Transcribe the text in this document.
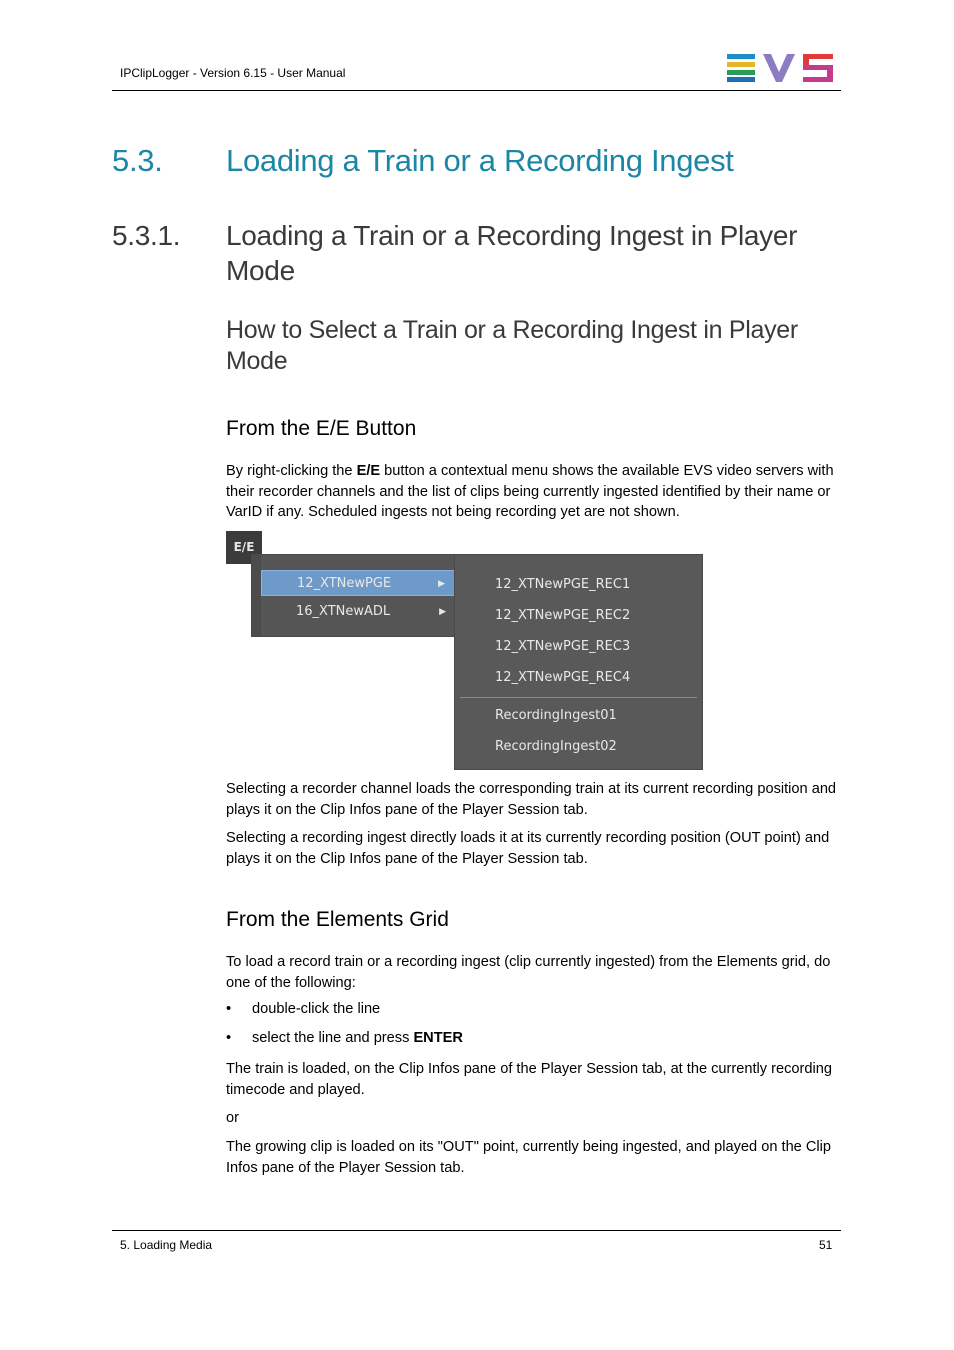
IPClipLogger - Version 6.15 - User Manual
5.3. Loading a Train or a Recording Ingest
5.3.1. Loading a Train or a Recording Ingest in Player Mode
How to Select a Train or a Recording Ingest in Player Mode
From the E/E Button

By right-clicking the E/E button a contextual menu shows the available EVS video servers with their recorder channels and the list of clips being currently ingested identified by their name or VarID if any. Scheduled ingests not being recording yet are not shown.

E/E
12_XTNewPGE	▶
16_XTNewADL	▶
12_XTNewPGE_REC1
12_XTNewPGE_REC2
12_XTNewPGE_REC3
12_XTNewPGE_REC4
RecordingIngest01
RecordingIngest02

Selecting a recorder channel loads the corresponding train at its current recording position and plays it on the Clip Infos pane of the Player Session tab.

Selecting a recording ingest directly loads it at its currently recording position (OUT point) and plays it on the Clip Infos pane of the Player Session tab.

From the Elements Grid

To load a record train or a recording ingest (clip currently ingested) from the Elements grid, do one of the following:

• double-click the line
• select the line and press ENTER

The train is loaded, on the Clip Infos pane of the Player Session tab, at the currently recording timecode and played.

or

The growing clip is loaded on its "OUT" point, currently being ingested, and played on the Clip Infos pane of the Player Session tab.

5. Loading Media	51
